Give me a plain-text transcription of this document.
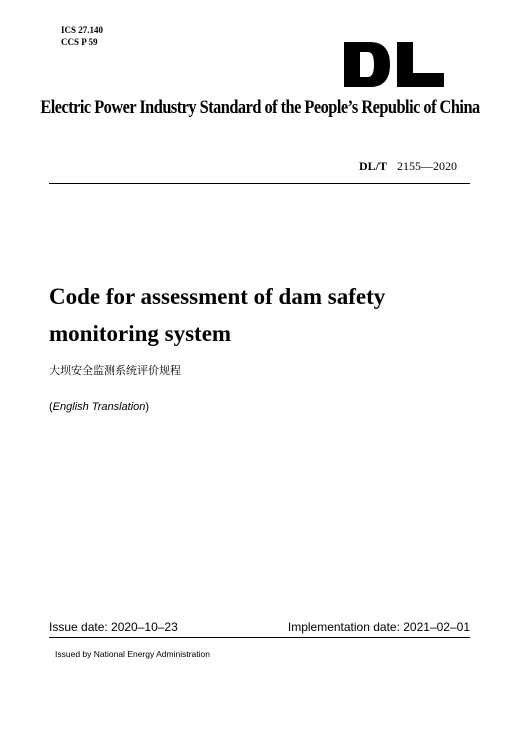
ICS 27.140
CCS P 59
Electric Power Industry Standard of the People’s Republic of China
DL/T 2155—2020
Code for assessment of dam safety
monitoring system
大坝安全监测系统评价规程
(English Translation)
Issue date: 2020–10–23	Implementation date: 2021–02–01
Issued by National Energy Administration
